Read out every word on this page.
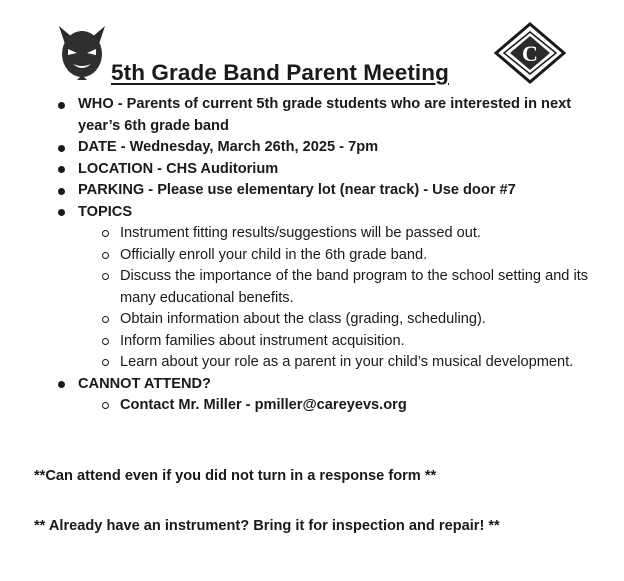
C
5th Grade Band Parent Meeting
WHO - Parents of current 5th grade students who are interested in next year’s 6th grade band
DATE - Wednesday, March 26th, 2025 - 7pm
LOCATION - CHS Auditorium
PARKING - Please use elementary lot (near track) - Use door #7
TOPICS
Instrument fitting results/suggestions will be passed out.
Officially enroll your child in the 6th grade band.
Discuss the importance of the band program to the school setting and its many educational benefits.
Obtain information about the class (grading, scheduling).
Inform families about instrument acquisition.
Learn about your role as a parent in your child’s musical development.
CANNOT ATTEND?
Contact Mr. Miller - pmiller@careyevs.org
**Can attend even if you did not turn in a response form **
** Already have an instrument? Bring it for inspection and repair! **
